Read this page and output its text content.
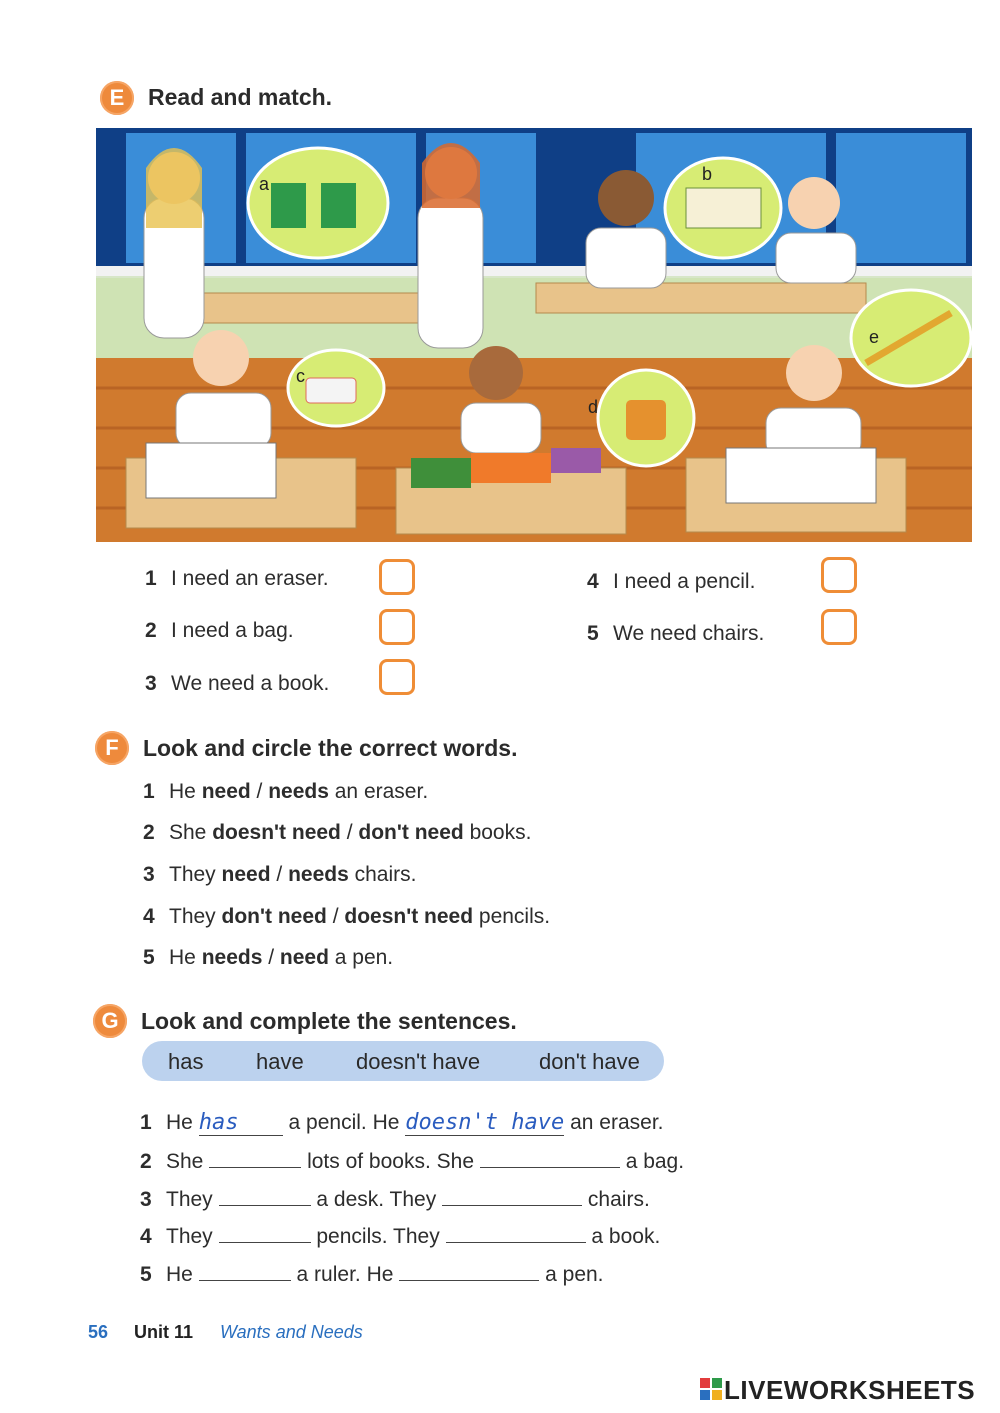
E	Read and match.
a	b
c
d
e
1 I need an eraser.
2 I need a bag.
3 We need a book.
4 I need a pencil.
5 We need chairs.
F	Look and circle the correct words.
1 He need / needs an eraser.
2 She doesn't need / don't need books.
3 They need / needs chairs.
4 They don't need / doesn't need pencils.
5 He needs / need a pen.
G Look and complete the sentences.
has have doesn't have	don't have
1 He has a pencil. He doesn't have an eraser.
2 She	lots of books. She	a bag.
3 They	a desk. They	chairs.
4 They	pencils. They	a book.
5 He	a ruler. He	a pen.
56 Unit 11 Wants and Needs
LIVEWORKSHEETS
